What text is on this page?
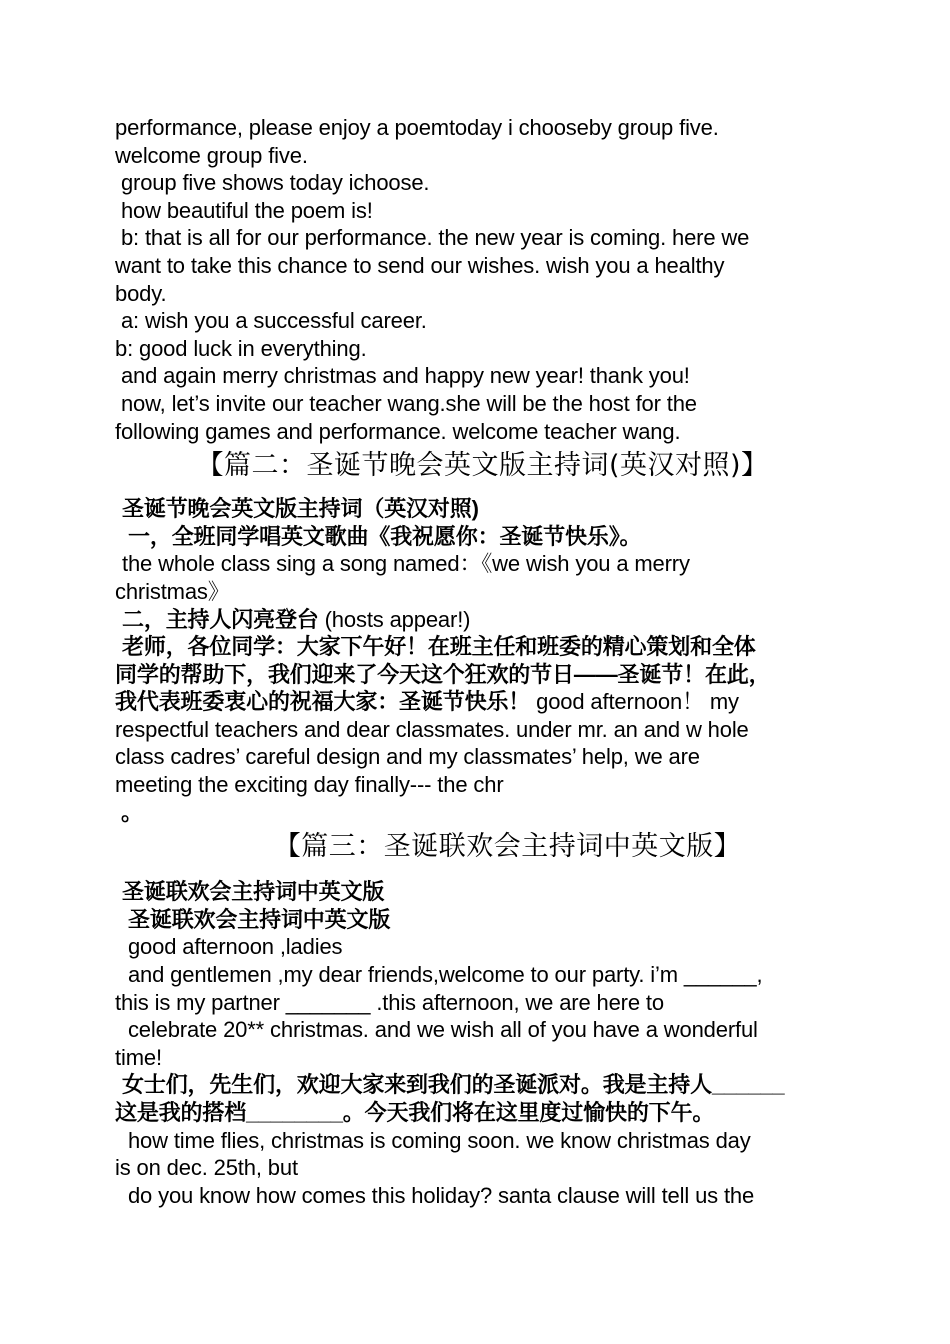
performance, please enjoy a poemtoday i chooseby group five.
welcome group five.
group five shows today ichoose.
how beautiful the poem is!
b: that is all for our performance. the new year is coming. here we
want to take this chance to send our wishes. wish you a healthy
body.
a: wish you a successful career.
b: good luck in everything.
and again merry christmas and happy new year! thank you!
now, let’s invite our teacher wang.she will be the host for the
following games and performance. welcome teacher wang.
【篇二：圣诞节晚会英文版主持词(英汉对照)】
圣诞节晚会英文版主持词（英汉对照)
一，全班同学唱英文歌曲《我祝愿你：圣诞节快乐》。
the whole class sing a song named：《we wish you a merry
christmas》
二，主持人闪亮登台 (hosts appear!)
老师，各位同学：大家下午好！在班主任和班委的精心策划和全体
同学的帮助下，我们迎来了今天这个狂欢的节日——圣诞节！在此，
我代表班委衷心的祝福大家：圣诞节快乐！ good afternoon！ my
respectful teachers and dear classmates. under mr. an and w hole
class cadres’ careful design and my classmates’ help, we are
meeting the exciting day finally--- the chr
。
【篇三：圣诞联欢会主持词中英文版】
圣诞联欢会主持词中英文版
圣诞联欢会主持词中英文版
good afternoon ,ladies
and gentlemen ,my dear friends,welcome to our party. i’m ______,
this is my partner _______ .this afternoon, we are here to
celebrate 20** christmas. and we wish all of you have a wonderful
time!
女士们，先生们，欢迎大家来到我们的圣诞派对。我是主持人______
这是我的搭档________。今天我们将在这里度过愉快的下午。
how time flies, christmas is coming soon. we know christmas day
is on dec. 25th, but
do you know how comes this holiday? santa clause will tell us the
